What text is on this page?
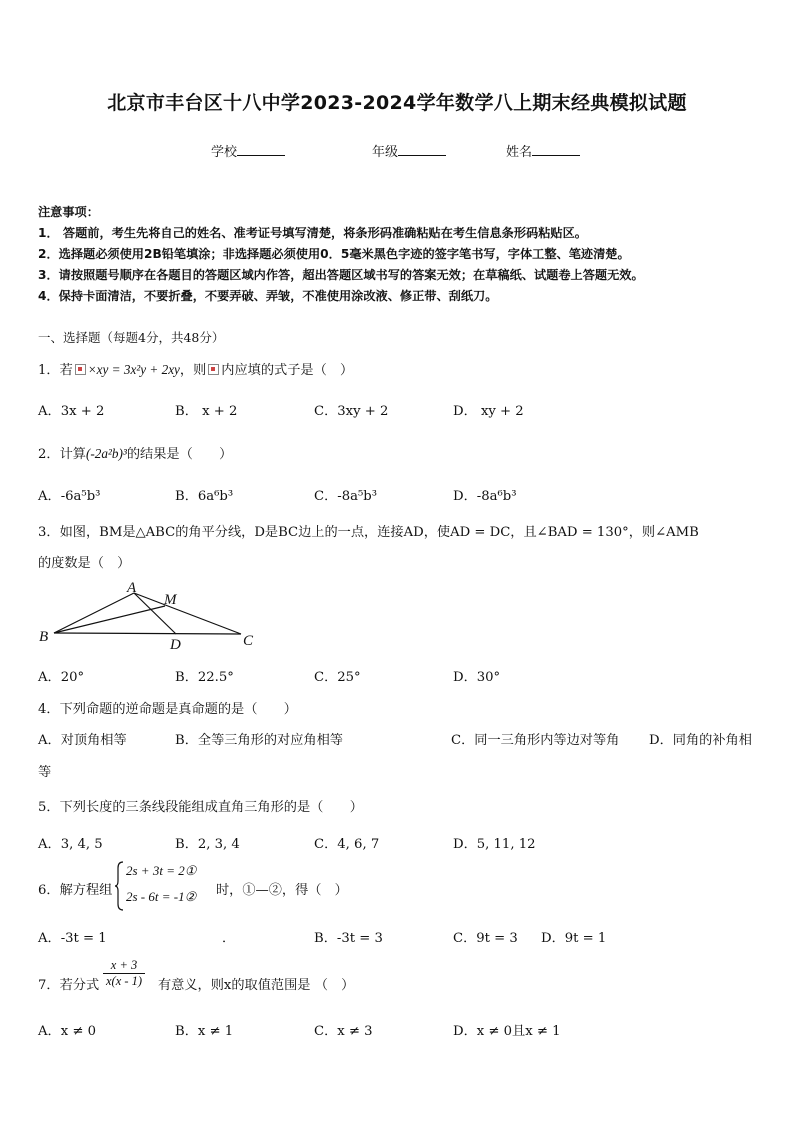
北京市丰台区十八中学2023-2024学年数学八上期末经典模拟试题
学校	年级	姓名
注意事项：
1． 答题前，考生先将自己的姓名、准考证号填写清楚，将条形码准确粘贴在考生信息条形码粘贴区。
2．选择题必须使用2B铅笔填涂；非选择题必须使用0．5毫米黑色字迹的签字笔书写，字体工整、笔迹清楚。
3．请按照题号顺序在各题目的答题区域内作答，超出答题区域书写的答案无效；在草稿纸、试题卷上答题无效。
4．保持卡面清洁，不要折叠，不要弄破、弄皱，不准使用涂改液、修正带、刮纸刀。
一、选择题（每题4分，共48分）
1．若 ×xy = 3x²y + 2xy，则 内应填的式子是（　）
A．3x + 2	B． x + 2	C．3xy + 2	D． xy + 2
2．计算(-2a²b)³的结果是（　　）
A．-6a⁵b³	B．6a⁶b³	C．-8a⁵b³	D．-8a⁶b³
3．如图，BM是△ABC的角平分线，D是BC边上的一点，连接AD，使AD = DC，且∠BAD = 130°，则∠AMB
的度数是（　）
A
M
B	D	C
A．20°	B．22.5°	C．25°	D．30°
4．下列命题的逆命题是真命题的是（　　）
A．对顶角相等	B．全等三角形的对应角相等	C．同一三角形内等边对等角 D．同角的补角相
等
5．下列长度的三条线段能组成直角三角形的是（　　）
A．3, 4, 5	B．2, 3, 4	C．4, 6, 7	D．5, 11, 12
6．解方程组
2s + 3t = 2①
2s - 6t = -1② 时，①—②，得（　）
A．-3t = 1	．	B．-3t = 3	C．9t = 3 D．9t = 1
7．若分式 $\frac{x + 3}{x(x - 1)}$ 有意义，则x的取值范围是 （　）
A．x ≠ 0	B．x ≠ 1	C．x ≠ 3	D．x ≠ 0且x ≠ 1
